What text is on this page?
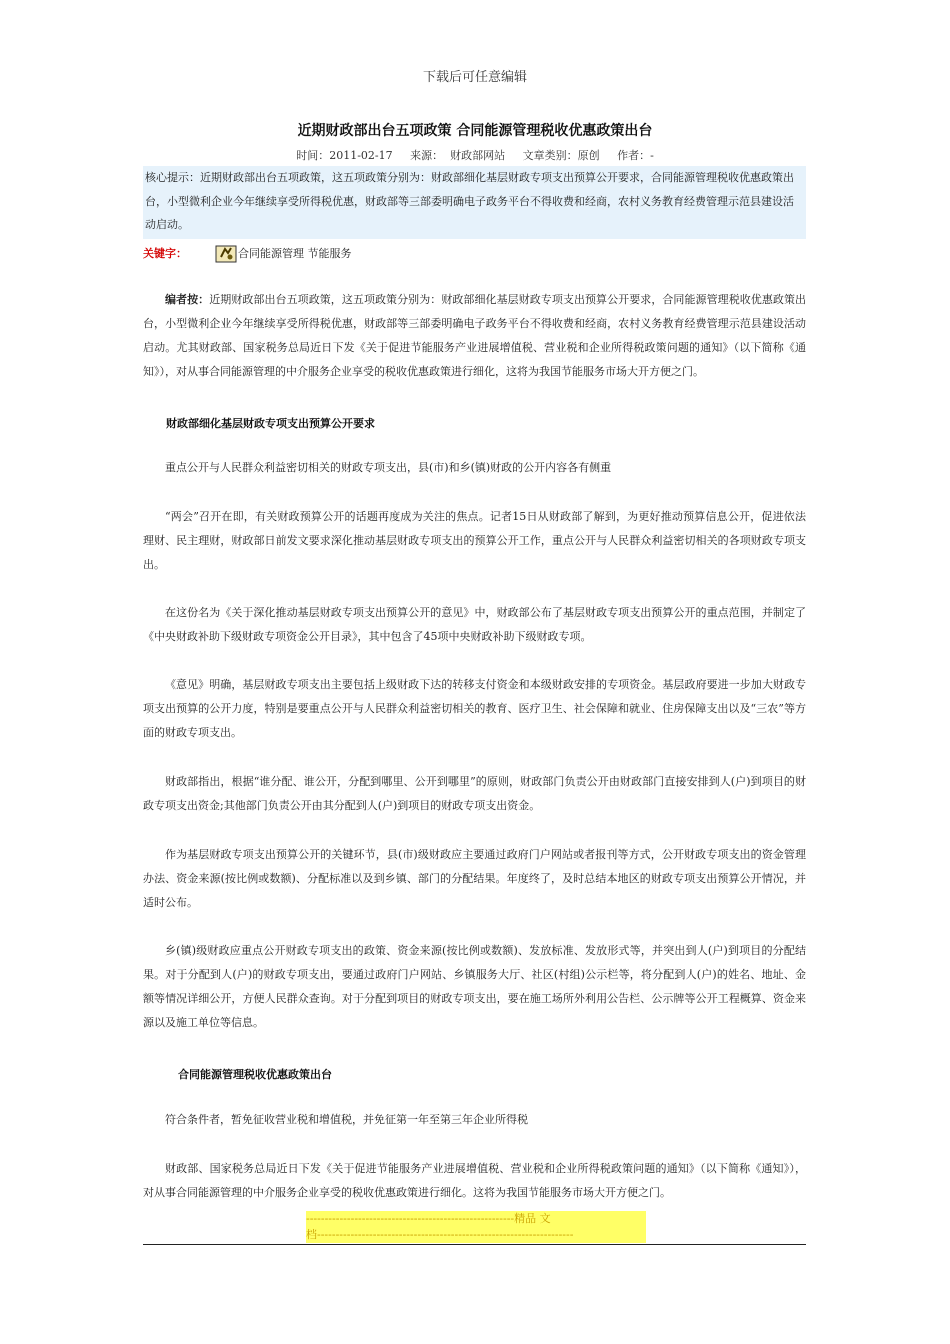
下载后可任意编辑
近期财政部出台五项政策 合同能源管理税收优惠政策出台
时间：2011-02-17     来源：  财政部网站     文章类别：原创     作者：-
核心提示：近期财政部出台五项政策，这五项政策分别为：财政部细化基层财政专项支出预算公开要求，合同能源管理税收优惠政策出台，小型微利企业今年继续享受所得税优惠，财政部等三部委明确电子政务平台不得收费和经商，农村义务教育经费管理示范县建设活动启动。
关键字：	合同能源管理 节能服务
编者按：近期财政部出台五项政策，这五项政策分别为：财政部细化基层财政专项支出预算公开要求，合同能源管理税收优惠政策出台，小型微利企业今年继续享受所得税优惠，财政部等三部委明确电子政务平台不得收费和经商，农村义务教育经费管理示范县建设活动启动。尤其财政部、国家税务总局近日下发《关于促进节能服务产业进展增值税、营业税和企业所得税政策问题的通知》（以下简称《通知》），对从事合同能源管理的中介服务企业享受的税收优惠政策进行细化，这将为我国节能服务市场大开方便之门。
财政部细化基层财政专项支出预算公开要求
重点公开与人民群众利益密切相关的财政专项支出，县(市)和乡(镇)财政的公开内容各有侧重
“两会”召开在即，有关财政预算公开的话题再度成为关注的焦点。记者15日从财政部了解到，为更好推动预算信息公开，促进依法理财、民主理财，财政部日前发文要求深化推动基层财政专项支出的预算公开工作，重点公开与人民群众利益密切相关的各项财政专项支出。
在这份名为《关于深化推动基层财政专项支出预算公开的意见》中，财政部公布了基层财政专项支出预算公开的重点范围，并制定了《中央财政补助下级财政专项资金公开目录》，其中包含了45项中央财政补助下级财政专项。
《意见》明确，基层财政专项支出主要包括上级财政下达的转移支付资金和本级财政安排的专项资金。基层政府要进一步加大财政专项支出预算的公开力度，特别是要重点公开与人民群众利益密切相关的教育、医疗卫生、社会保障和就业、住房保障支出以及“三农”等方面的财政专项支出。
财政部指出，根据“谁分配、谁公开，分配到哪里、公开到哪里”的原则，财政部门负责公开由财政部门直接安排到人(户)到项目的财政专项支出资金;其他部门负责公开由其分配到人(户)到项目的财政专项支出资金。
作为基层财政专项支出预算公开的关键环节，县(市)级财政应主要通过政府门户网站或者报刊等方式，公开财政专项支出的资金管理办法、资金来源(按比例或数额)、分配标准以及到乡镇、部门的分配结果。年度终了，及时总结本地区的财政专项支出预算公开情况，并适时公布。
乡(镇)级财政应重点公开财政专项支出的政策、资金来源(按比例或数额)、发放标准、发放形式等，并突出到人(户)到项目的分配结果。对于分配到人(户)的财政专项支出，要通过政府门户网站、乡镇服务大厅、社区(村组)公示栏等，将分配到人(户)的姓名、地址、金额等情况详细公开，方便人民群众查询。对于分配到项目的财政专项支出，要在施工场所外利用公告栏、公示牌等公开工程概算、资金来源以及施工单位等信息。
合同能源管理税收优惠政策出台
符合条件者，暂免征收营业税和增值税，并免征第一年至第三年企业所得税
财政部、国家税务总局近日下发《关于促进节能服务产业进展增值税、营业税和企业所得税政策问题的通知》（以下简称《通知》），对从事合同能源管理的中介服务企业享受的税收优惠政策进行细化。这将为我国节能服务市场大开方便之门。
--------------------------------------------------------精品 文
档---------------------------------------------------------------------
